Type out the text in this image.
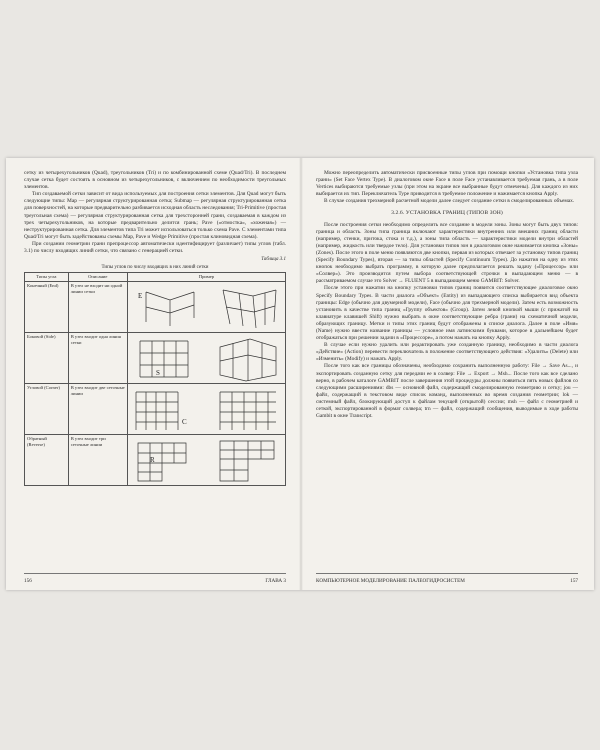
сетку из четырехугольников (Quad), треугольников (Tri) и по комбинированной схеме (Quad/Tri). В последнем случае сетка будет состоять в основном из четырехугольников, с включением по необходимости треугольных элементов.

Тип создаваемой сетки зависит от вида используемых для построения сетки элементов. Для Quad могут быть следующие типы: Map — регулярная структурированная сетка; Submap — регулярная структурированная сетка для поверхностей, на которые предварительно разбивается исходная область неследования; Tri-Primitive (простая треугольная схема) — регулярная структурированная сетка для трехсторонней грани, создаваемая в каждом из трех четырехугольников, на которые предварительно делится грань; Pave («отмостка», «хоженая») — неструктурированная сетка. Для элементов типа Tri может использоваться только схема Pave. С элементами типа Quad/Tri могут быть задействованы схемы Map, Pave и Wedge Primitive (простая клиновидная схема).

При создании геометрии грани препроцессор автоматически идентифицирует (различает) типы углов (табл. 3.1) по числу входящих линий сетки, что связано с генерацией сетки.

Таблица 3.1
Типы углов по числу входящих в них линий сетки
Типы угла	Описание	Пример
Конечный (End)	В узел не входит ни одной линии сетки	E

Боковой (Side)	В узел входит одна линия сетки	S

Угловой (Corner)	В узел входит две сеточные линии	C

Обратный (Reverse)	В узел входит три сеточные линии	R
156	ГЛАВА 3

Можно переопределить автоматически присвоенные типы углов при помощи кнопки «Установка типа узла грани» (Set Face Vertex Type). В диалоговом окне Face в поле Face устанавливается требуемая грань, а в поле Vertices выбираются требуемые узлы (при этом на экране все выбранные будут отмечены). Для каждого из них выбирается их тип. Переключатель Type приводится в требуемое положение и нажимается кнопка Apply.

В случае создания трехмерной расчетной модели далее следует создание сетки в смоделированных объемах.

3.2.6. УСТАНОВКА ГРАНИЦ (ТИПОВ ЗОН)

После построения сетки необходимо определить все создание в модели зоны. Зоны могут быть двух типов: граница и область. Зоны типа граница включают характеристики внутренних или внешних границ области (например, стенки, притока, стока и т.д.), а зоны типа область — характеристики модели внутри областей (например, жидкость или твердое тело). Для установки типов зон в диалоговом окне нажимается кнопка «Зоны» (Zones). После этого в поле меню появляются две кнопки, первая из которых отвечает за установку типов границ (Specify Boundary Types), вторая — за типы областей (Specify Continuum Types). До нажатия на одну из этих кнопок необходимо выбрать программу, в которую далее предполагается решать задачу («Процессор» или «Солвер»). Это производится путем выбора соответствующей строчки в выпадающем меню — в рассматриваемом случае это Solver → FLUENT 5 в выпадающем меню GAMBIT: Solver.

После этого при нажатии на кнопку установки типов границ появится соответствующее диалоговое окно Specify Boundary Types. В части диалога «Объект» (Entity) из выпадающего списка выбирается вид объекта границы: Edge (обычно для двумерной модели), Face (обычно для трехмерной модели). Затем есть возможность установить в качестве типа границ «Группу объектов» (Group). Затем левой кнопкой мыши (с прижатой на клавиатуре клавишей Shift) нужно выбрать в окне соответствующие ребра (грани) на схематичной модели, образующих границу. Метки и типы этих границ будут отображены в списке диалога. Далее в поле «Имя» (Name) нужно ввести название границы — условное имя латинскими буквами, которое в дальнейшем будет отображаться при решении задачи в «Процессоре», а потом нажать на кнопку Apply.

В случае если нужно удалить или редактировать уже созданную границу, необходимо в части диалога «Действие» (Action) перевести переключатель в положение соответствующего действия: «Удалить» (Delete) или «Изменить» (Modify) и нажать Apply.

После того как все границы обозначены, необходимо сохранить выполненную работу: File → Save As..., и экспортировать созданную сетку для передачи ее в солвер: File → Export → Msh... После того как все сделано верно, в рабочем каталоге GAMBIT после завершения этой процедуры должны появиться пять новых файлов со следующими расширениями: dbs — основной файл, содержащий смоделированную геометрию и сетку; jou — файл, содержащий в текстовом виде список команд, выполненных во время создания геометрии; lok — системный файл, блокирующий доступ к файлам текущей (открытой) сессии; msh — файл с геометрией и сеткой, экспортированной в формат солвера; trn — файл, содержащий сообщения, выводимые в ходе работы Gambit в окне Transcript.

КОМПЬЮТЕРНОЕ МОДЕЛИРОВАНИЕ ПАЛЕОГИДРОСИСТЕМ	157
